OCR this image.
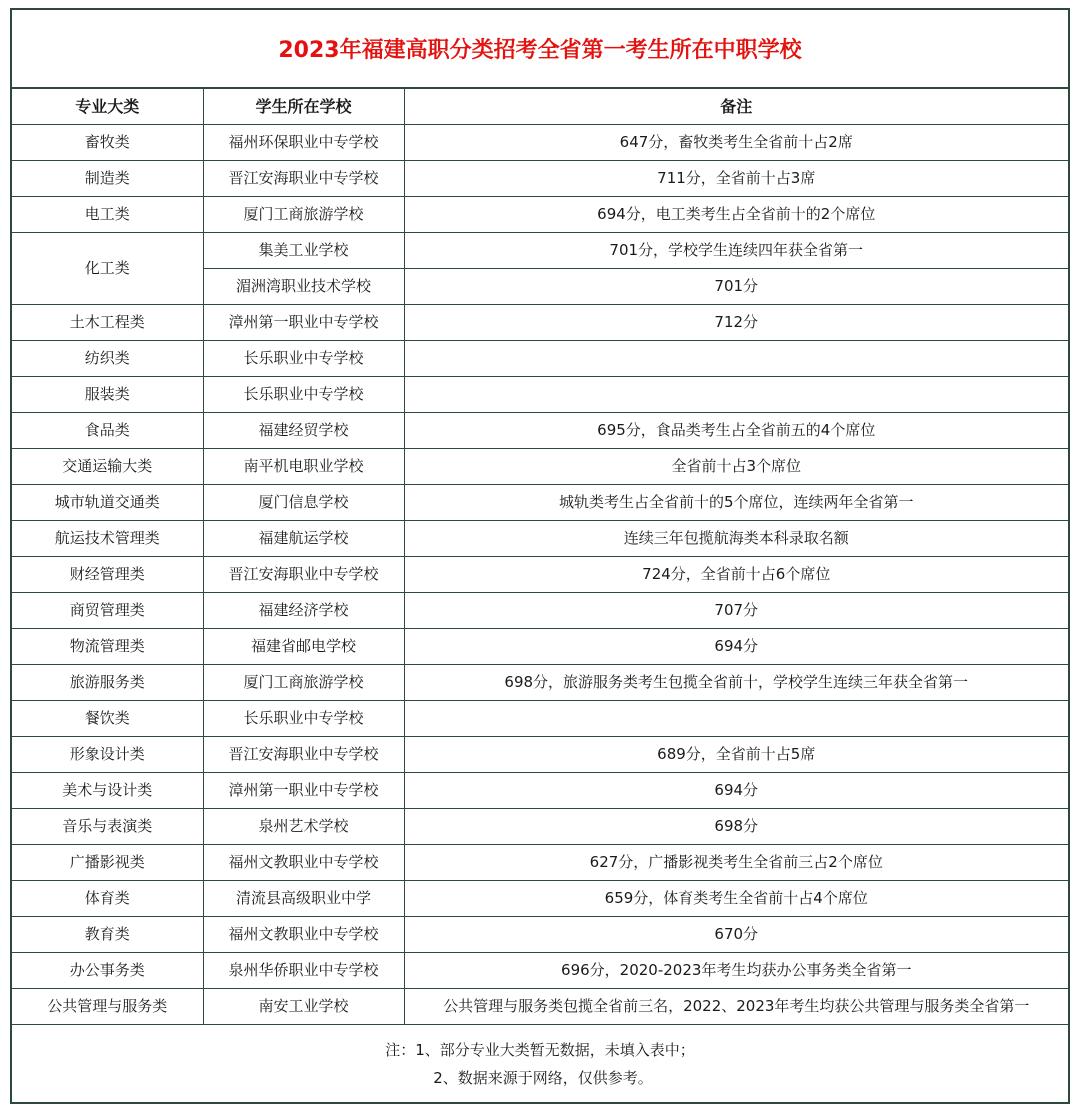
2023年福建高职分类招考全省第一考生所在中职学校
专业大类	学生所在学校	备注
畜牧类	福州环保职业中专学校	647分，畜牧类考生全省前十占2席
制造类	晋江安海职业中专学校	711分，全省前十占3席
电工类	厦门工商旅游学校	694分，电工类考生占全省前十的2个席位
化工类	集美工业学校	701分，学校学生连续四年获全省第一
	湄洲湾职业技术学校	701分
土木工程类	漳州第一职业中专学校	712分
纺织类	长乐职业中专学校	
服装类	长乐职业中专学校	
食品类	福建经贸学校	695分，食品类考生占全省前五的4个席位
交通运输大类	南平机电职业学校	全省前十占3个席位
城市轨道交通类	厦门信息学校	城轨类考生占全省前十的5个席位，连续两年全省第一
航运技术管理类	福建航运学校	连续三年包揽航海类本科录取名额
财经管理类	晋江安海职业中专学校	724分，全省前十占6个席位
商贸管理类	福建经济学校	707分
物流管理类	福建省邮电学校	694分
旅游服务类	厦门工商旅游学校	698分，旅游服务类考生包揽全省前十，学校学生连续三年获全省第一
餐饮类	长乐职业中专学校	
形象设计类	晋江安海职业中专学校	689分，全省前十占5席
美术与设计类	漳州第一职业中专学校	694分
音乐与表演类	泉州艺术学校	698分
广播影视类	福州文教职业中专学校	627分，广播影视类考生全省前三占2个席位
体育类	清流县高级职业中学	659分，体育类考生全省前十占4个席位
教育类	福州文教职业中专学校	670分
办公事务类	泉州华侨职业中专学校	696分，2020-2023年考生均获办公事务类全省第一
公共管理与服务类	南安工业学校	公共管理与服务类包揽全省前三名，2022、2023年考生均获公共管理与服务类全省第一
注：1、部分专业大类暂无数据，未填入表中；
2、数据来源于网络，仅供参考。
